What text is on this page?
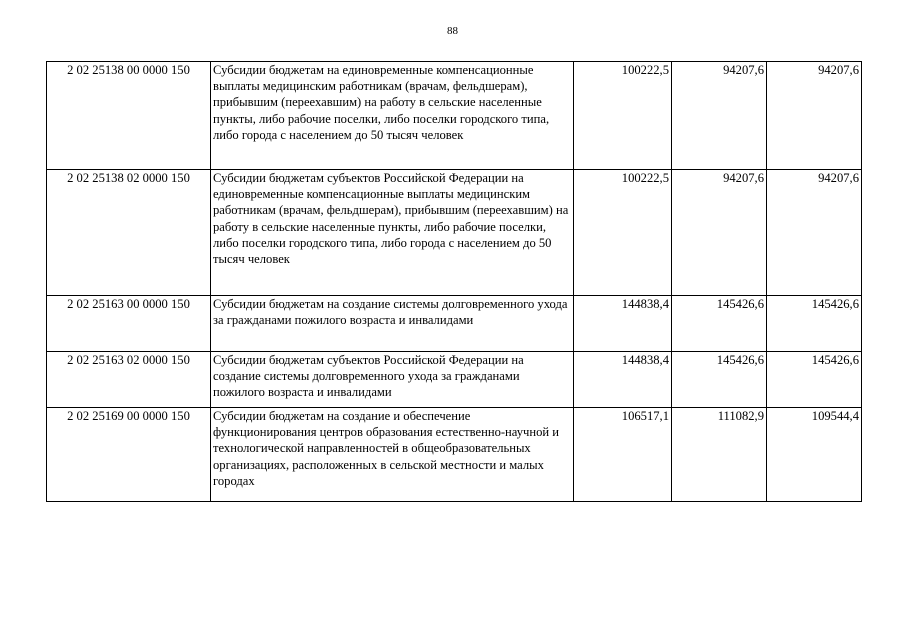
88
2 02 25138 00 0000 150	Субсидии бюджетам на единовременные компенсационные выплаты медицинским работникам (врачам, фельдшерам), прибывшим (переехавшим) на работу в сельские населенные пункты, либо рабочие поселки, либо поселки городского типа, либо города с населением до 50 тысяч человек	100222,5	94207,6	94207,6
2 02 25138 02 0000 150	Субсидии бюджетам субъектов Российской Федерации на единовременные компенсационные выплаты медицинским работникам (врачам, фельдшерам), прибывшим (переехавшим) на работу в сельские населенные пункты, либо рабочие поселки, либо поселки городского типа, либо города с населением до 50 тысяч человек	100222,5	94207,6	94207,6
2 02 25163 00 0000 150	Субсидии бюджетам на создание системы долговременного ухода за гражданами пожилого возраста и инвалидами	144838,4	145426,6	145426,6
2 02 25163 02 0000 150	Субсидии бюджетам субъектов Российской Федерации на создание системы долговременного ухода за гражданами пожилого возраста и инвалидами	144838,4	145426,6	145426,6
2 02 25169 00 0000 150	Субсидии бюджетам на создание и обеспечение функционирования центров образования естественно-научной и технологической направленностей в общеобразовательных организациях, расположенных в сельской местности и малых городах	106517,1	111082,9	109544,4
